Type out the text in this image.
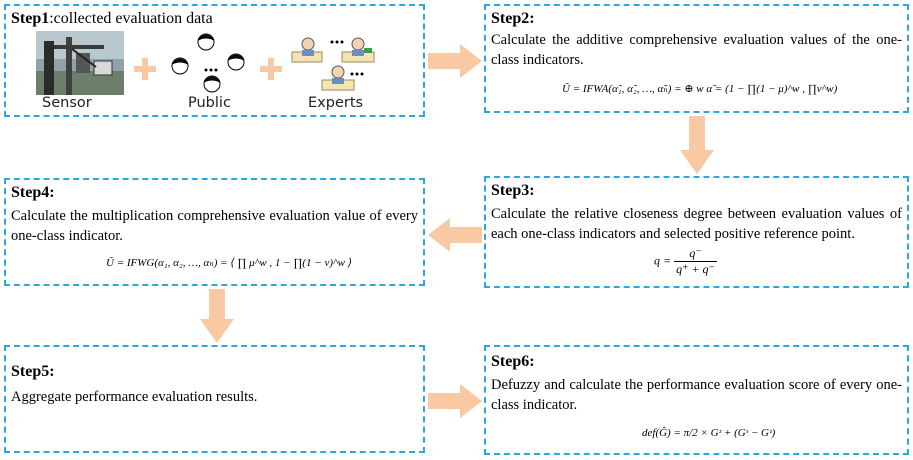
Step1:collected evaluation data
Sensor	Public	Experts
Step2:
Calculate the additive comprehensive evaluation values of the one-class indicators.
Ũ = IFWA(α̃₁, α̃₂, …, α̃ₙ) = ⊕ w α̃ = (1 − ∏(1 − μ)^w , ∏ν^w)
Step3:
Calculate the relative closeness degree between evaluation values of each one-class indicators and selected positive reference point.
$q = \frac{q^-}{q^+ + q^-}$
Step4:
Calculate the multiplication comprehensive evaluation value of every one-class indicator.
Ũ = IFWG(α₁, α₂, …, αₙ) = ⟨ ∏ μ^w , 1 − ∏(1 − ν)^w ⟩
Step5:
Aggregate performance evaluation results.
Step6:
Defuzzy and calculate the performance evaluation score of every one-class indicator.
def(Ĝ) = π/2 × Gᶻ + (Gˢ − Gᶻ)
